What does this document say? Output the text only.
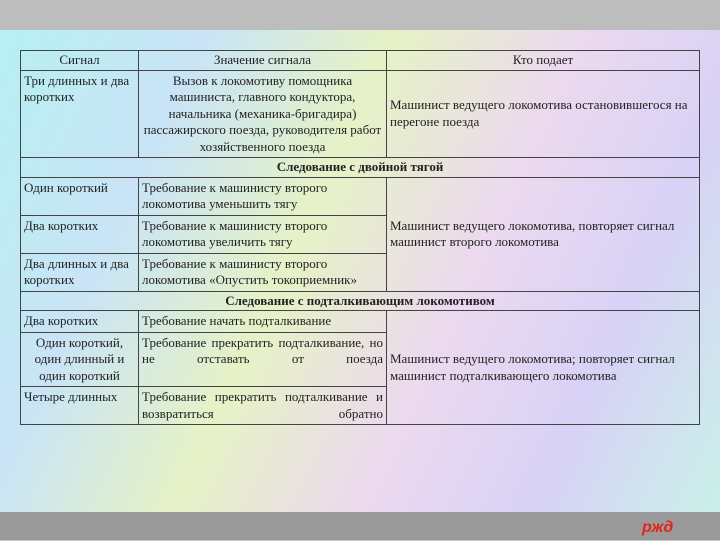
Сигнал	Значение сигнала	Кто подает
Три длинных и два коротких	Вызов к локомотиву помощника машиниста, главного кондуктора, начальника (механика-бригадира) пассажирского поезда, руководителя работ хозяйственного поезда	Машинист ведущего локомотива остановившегося на перегоне поезда
Следование с двойной тягой		
Один короткий	Требование к машинисту второго локомотива уменьшить тягу	Машинист ведущего локомотива, повторяет сигнал машинист второго локомотива
Два коротких	Требование к машинисту второго локомотива увеличить тягу	
Два длинных и два коротких	Требование к машинисту второго локомотива «Опустить токоприемник»	
Следование с подталкивающим локомотивом		
Два коротких	Требование начать подталкивание	Машинист ведущего локомотива; повторяет сигнал машинист подталкивающего локомотива
Один короткий, один длинный и один короткий	Требование прекратить подталкивание, но не отставать от поезда	
Четыре длинных	Требование прекратить подталкивание и возвратиться обратно	
ржд
